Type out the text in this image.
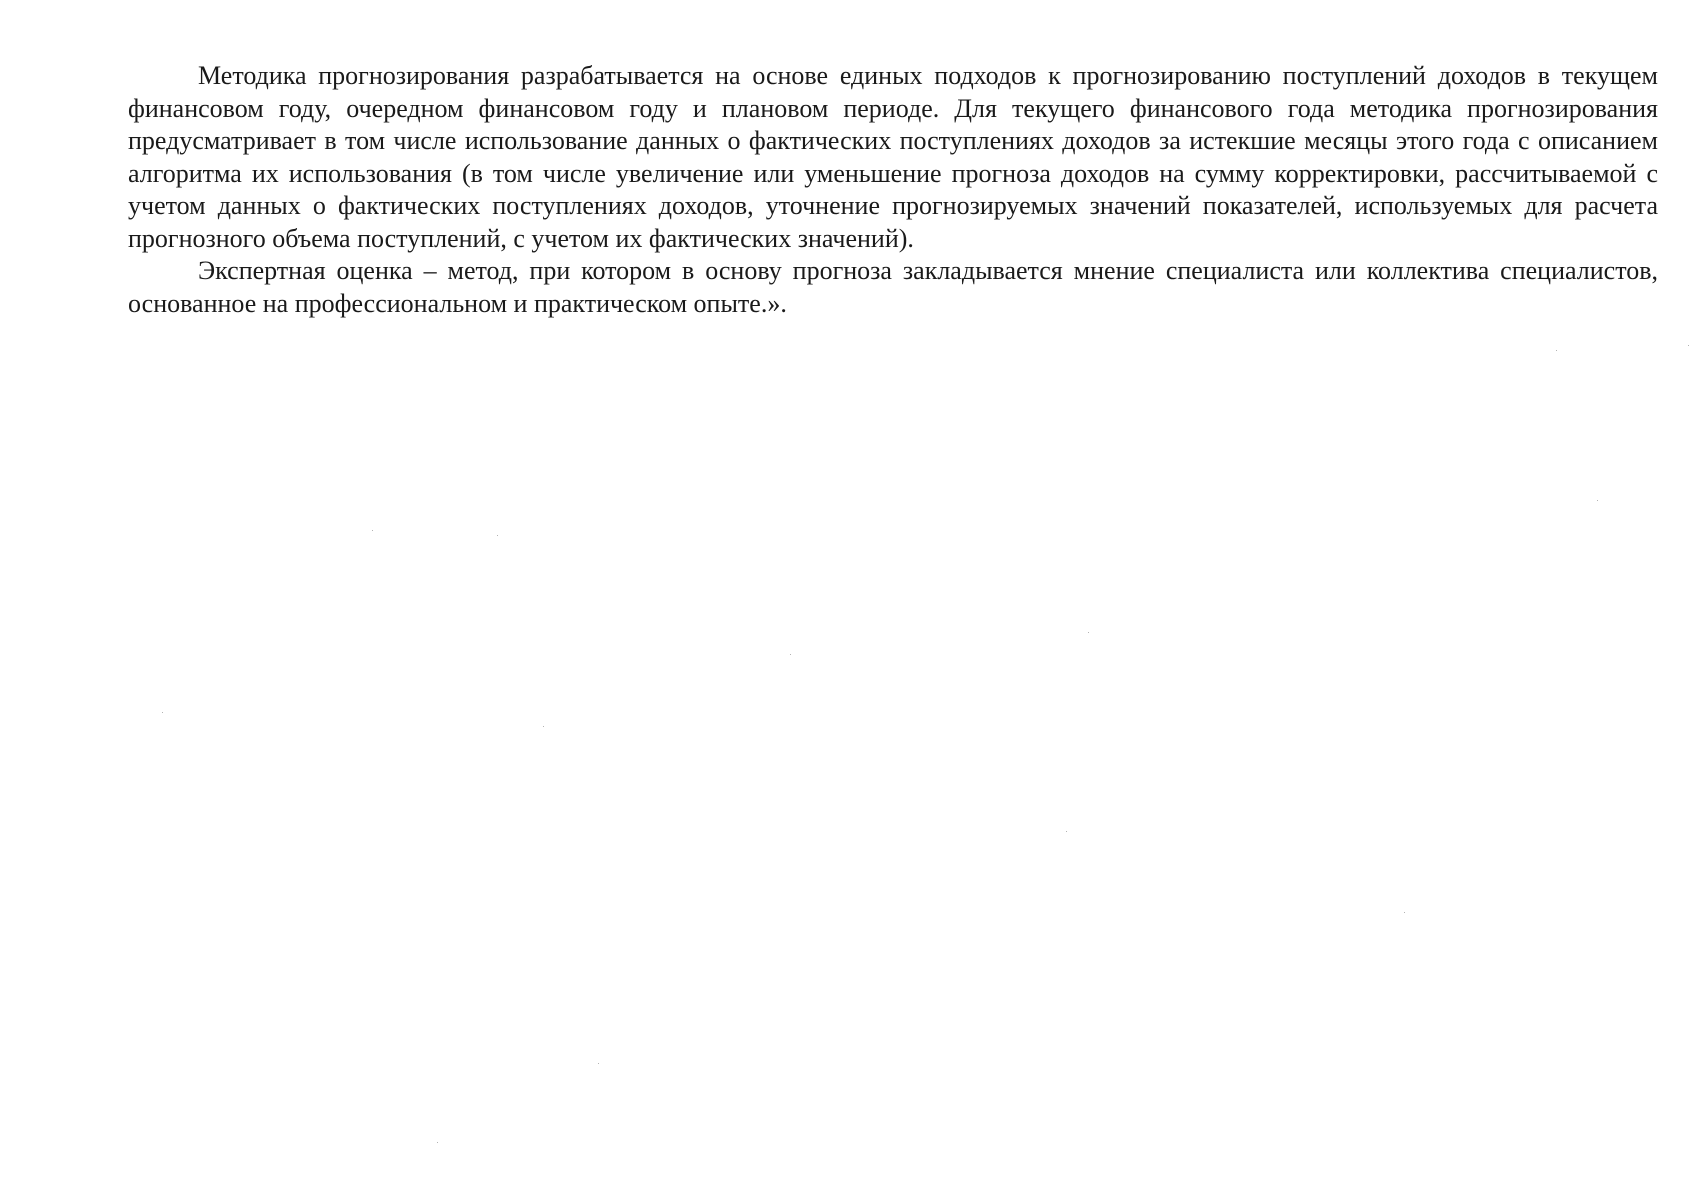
Методика прогнозирования разрабатывается на основе единых подходов к прогнозированию поступлений доходов в текущем финансовом году, очередном финансовом году и плановом периоде. Для текущего финансового года методика прогнозирования предусматривает в том числе использование данных о фактических поступлениях доходов за истекшие месяцы этого года с описанием алгоритма их использования (в том числе увеличение или уменьшение прогноза доходов на сумму корректировки, рассчитываемой с учетом данных о фактических поступлениях доходов, уточнение прогнозируемых значений показателей, используемых для расчета прогнозного объема поступлений, с учетом их фактических значений).

Экспертная оценка – метод, при котором в основу прогноза закладывается мнение специалиста или коллектива специалистов, основанное на профессиональном и практическом опыте.».
